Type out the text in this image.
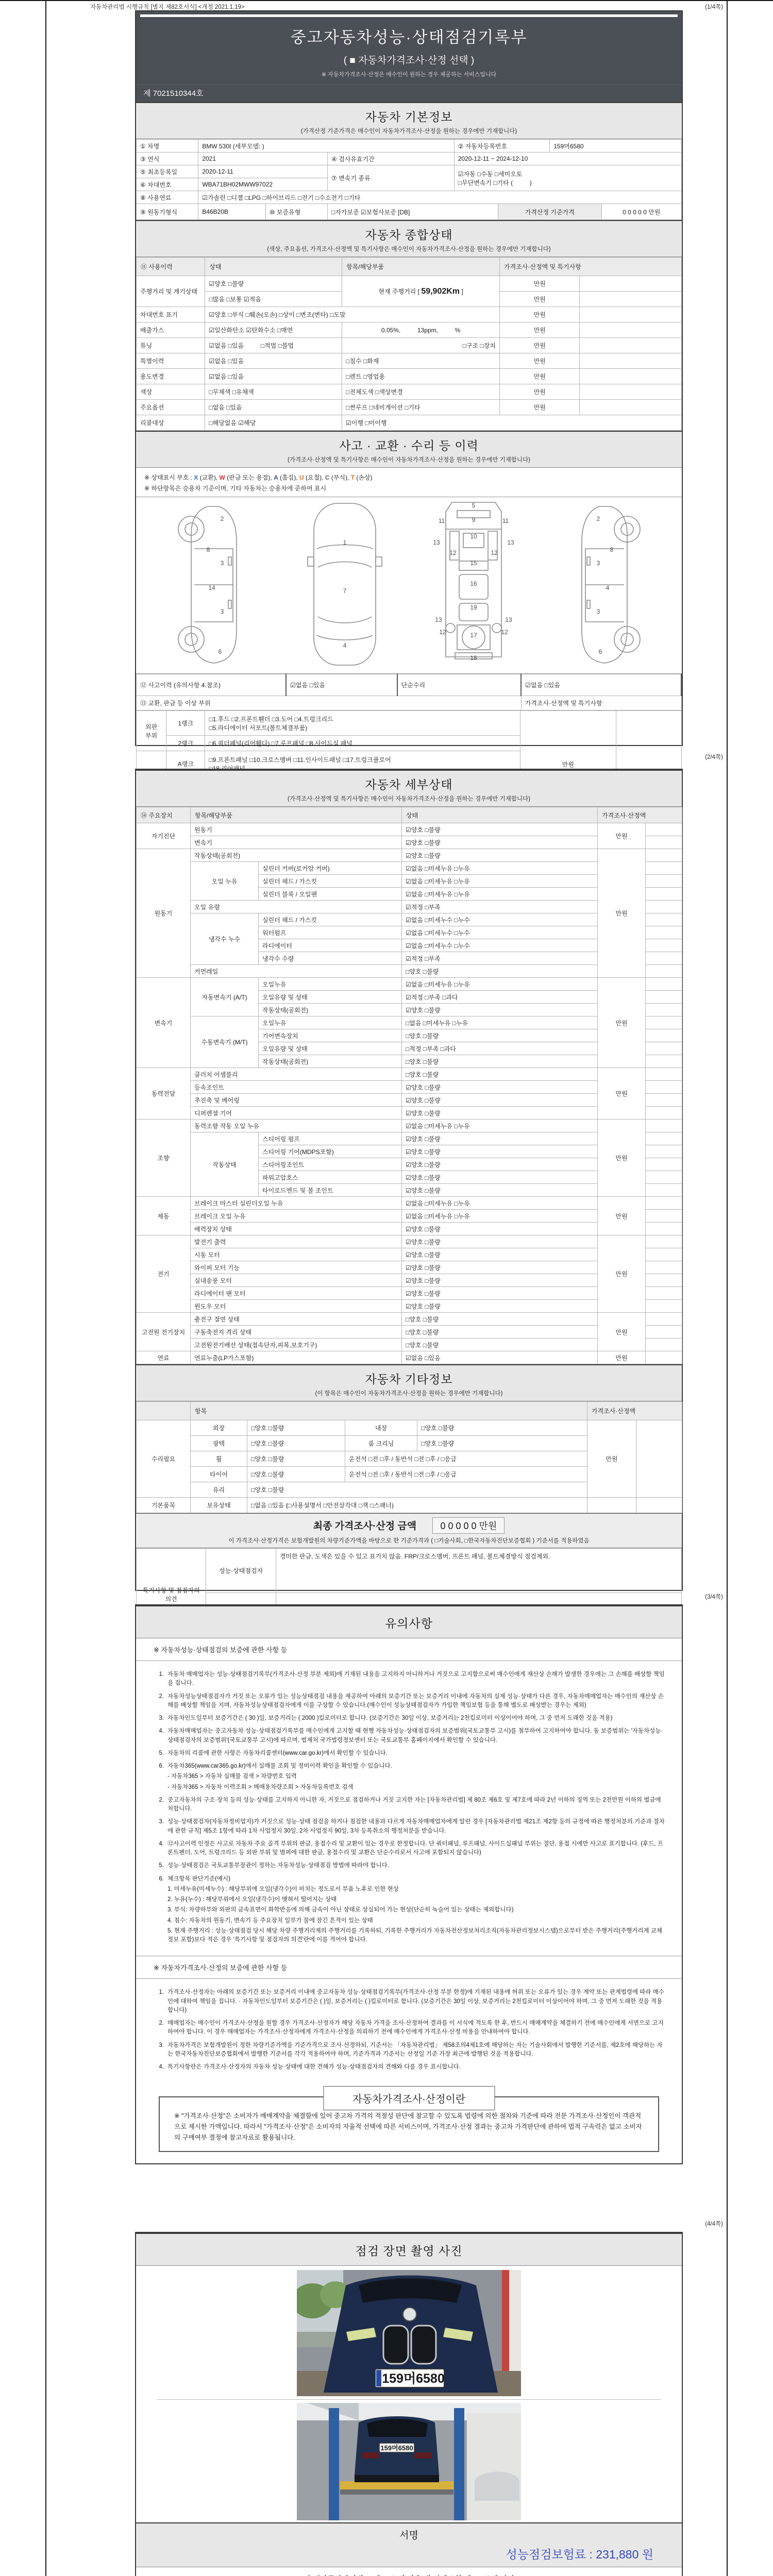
자동차관리법 시행규칙 [별지 제82호서식] <개정 2021.1.19>	(1/4쪽)
(2/4쪽)
(3/4쪽)
(4/4쪽)
중고자동차성능·상태점검기록부
( ■ 자동차가격조사·산정 선택 )
※ 자동차가격조사·산정은 매수인이 원하는 경우 제공하는 서비스입니다
제 7021510344호
자동차 기본정보
(가격산정 기준가격은 매수인이 자동차가격조사·산정을 원하는 경우에만 기재합니다)
① 차명	BMW 530I (세부모델: )			② 자동차등록번호		159머6580	
③ 연식	2021		④ 검사유효기간	2020-12-11 ~ 2024-12-10			
⑤ 최초등록일	2020-12-11		⑦ 변속기 종류	☑자동 □수동 □세미오토
□무단변속기 □기타 ( )			
⑥ 차대번호	WBA71BH02MWW97022						
⑧ 사용연료	☑가솔린 □디젤 □LPG □하이브리드 □전기 □수소전기 □기타						
⑨ 원동기형식	B46B20B	⑩ 보증유형	□자가보증 ☑보험사보증 [DB]		가격산정 기준가격		0 0 0 0 0 만원
자동차 종합상태
(색상, 주요옵션, 가격조사·산정액 및 특기사항은 매수인이 자동차가격조사·산정을 원하는 경우에만 기재합니다)
⑪ 사용이력	상태	항목/해당부품	가격조사·산정액 및 특기사항	
주행거리 및 계기상태	☑양호 □불량	현재 주행거리 [ 59,902Km ]	만원	
	□많음 □보통 ☑적음		만원	
차대번호 표기	☑양호 □부식 □훼손(오손) □상이 □변조(변타) □도말		만원	
배출가스	☑일산화탄소 ☑탄화수소 □매연	0.05%, 13ppm, %	만원	
튜닝	☑없음 □있음 □적법 □불법	□구조 □장치	만원	
특별이력	☑없음 □있음	□침수 □화재	만원	
용도변경	☑없음 □있음	□렌트 □영업용	만원	
색상	□무채색 □유채색	□전체도색 □색상변경	만원	
주요옵션	□없음 □있음	□썬루프 □네비게이션 □기타	만원	
리콜대상	□해당없음 ☑해당	☑이행 □미이행		
사고 · 교환 · 수리 등 이력
(가격조사·산정액 및 특기사항은 매수인이 자동차가격조사·산정을 원하는 경우에만 기재합니다)
※ 상태표시 부호 : X (교환), W (판금 또는 용접), A (흠집), U (요철), C (부식), T (손상)
※ 하단항목은 승용차 기준이며, 기타 자동차는 승용차에 준하여 표시
2
8
3
14
3
6
1
7
4
5
11	9	11
13	13
12	12
10
15
16
19
13	13
12	12
17
18
2
8
3
4
3
6
⑫ 사고이력 (유의사항 4.참조)	☑없음 □있음	단순수리	☑없음 □있음
⑬ 교환, 판금 등 이상 부위			가격조사·산정액 및 특기사항
외판 부위	1랭크	□1.후드 □2.프론트휀더 □3.도어 □4.트렁크리드
□5.라디에이터 서포트(볼트체결부품)	만원	
	2랭크	□6.쿼더패널(리어휀다) □7.루프패널 □8.사이드실 패널		
	A랭크	□9.프론트패널 □10.크로스멤버 □11.인사이드패널 □17.트렁크플로어		

자동차 세부상태
(가격조사·산정액 및 특기사항은 매수인이 자동차가격조사·산정을 원하는 경우에만 기재합니다)
⑭ 주요장치	항목/해당부품		상태	가격조사·산정액	
자기진단	원동기		☑양호 □불량	만원	
	변속기		☑양호 □불량		
원동기	작동상태(공회전)		☑양호 □불량	만원	
	오일 누유	실린더 커버(로커암 커버)	☑없음 □미세누유 □누유		
		실린더 헤드 / 가스킷	☑없음 □미세누유 □누유		
		실린더 블록 / 오일팬	☑없음 □미세누유 □누유		
	오일 유량		☑적정 □부족		
	냉각수 누수	실린더 헤드 / 가스킷	☑없음 □미세누수 □누수		
		워터펌프	☑없음 □미세누수 □누수		
		라디에이터	☑없음 □미세누수 □누수		
		냉각수 수량	☑적정 □부족		
	커먼레일		□양호 □불량		
변속기	자동변속기 (A/T)	오일누유	☑없음 □미세누유 □누유	만원	
		오일유량 및 상태	☑적정 □부족 □과다		
		작동상태(공회전)	☑양호 □불량		
	수동변속기 (M/T)	오일누유	□없음 □미세누유 □누유		
		기어변속장치	□양호 □불량		
		오일유량 및 상태	□적정 □부족 □과다		
		작동상태(공회전)	□양호 □불량		
동력전달	클러치 어셈블리		□양호 □불량	만원	
	등속조인트		☑양호 □불량		
	추진축 및 베어링		☑양호 □불량		
	디퍼렌셜 기어		☑양호 □불량		
조향	동력조향 작동 오일 누유		☑없음 □미세누유 □누유	만원	
	작동상태	스티어링 펌프	☑양호 □불량		
		스티어링 기어(MDPS포함)	☑양호 □불량		
		스티어링조인트	☑양호 □불량		
		파워고압호스	☑양호 □불량		
		타이로드엔드 및 볼 조인트	☑양호 □불량		
제동	브레이크 마스터 실린더오일 누유		☑없음 □미세누유 □누유	만원	
	브레이크 오일 누유		☑없음 □미세누유 □누유		
	배력장치 상태		☑양호 □불량		
전기	발전기 출력		☑양호 □불량	만원	
	시동 모터		☑양호 □불량		
	와이퍼 모터 기능		☑양호 □불량		
	실내송풍 모터		☑양호 □불량		
	라디에이터 팬 모터		☑양호 □불량		
	윈도우 모터		☑양호 □불량		
고전원 전기장치	충전구 절연 상태		□양호 □불량	만원	
	구동축전지 격리 상태		□양호 □불량		
	고전원전기배선 상태(접속단자,피복,보호기구)		□양호 □불량		
연료	연료누출(LP가스포함)		☑없음 □있음	만원	
자동차 기타정보
(이 항목은 매수인이 자동차가격조사·산정을 원하는 경우에만 기재합니다)
	항목				가격조사·산정액	
수리필요	외장	□양호 □불량	내장	□양호 □불량	만원	
	광택	□양호 □불량	룸 크리닝	□양호 □불량		
	휠	□양호 □불량	운전석 □전 □후 / 동반석 □전 □후 / □응급			
	타이어	□양호 □불량	운전석 □전 □후 / 동반석 □전 □후 / □응급			
	유리	□양호 □불량				
기본품목	보유상태	□없음 □있음 (□사용설명서 □안전삼각대 □잭 □스패너)				
최종 가격조사·산정 금액	0 0 0 0 0 만원
이 가격조사·산정가격은 보험개발원의 차량기준가액을 바탕으로 한 기준가격과 ( □기술사회, □한국자동차진단보증협회 ) 기준서를 적용하였음
특기사항 및 점검자의 의견	성능·상태점검자	경미한 판금, 도색은 있을 수 있고 표기치 않음. FRP/크로스멤버, 프론트 패널, 볼트체결방식 점검제외.

유의사항
※ 자동차성능·상태점검의 보증에 관한 사항 등
1. 자동차 매매업자는 성능·상태점검기록부(가격조사·산정 부분 제외)에 기재된 내용을 고지하지 아니하거나 거짓으로 고지함으로써 매수인에게 재산상 손해가 발생한 경우에는 그 손해를 배상할 책임을 집니다.
2. 자동차성능상태점검자가 거짓 또는 오류가 있는 성능상태점검 내용을 제공하여 아래의 보증기간 또는 보증거리 이내에 자동차의 실제 성능·상태가 다른 경우, 자동차매매업자는 매수인의 재산상 손해를 배상할 책임을 지며, 자동차성능상태점검자에게 이를 구상할 수 있습니다.(매수인이 성능상태점검자가 가입한 책임보험 등을 통해 별도로 배상받는 경우는 제외)
3. 자동차인도일부터 보증기간은 ( 30 )일, 보증거리는 ( 2000 )킬로미터로 합니다. (보증기간은 30일 이상, 보증거리는 2천킬로미터 이상이어야 하며, 그 중 먼저 도래한 것을 적용)
4. 자동차매매업자는 중고자동차 성능·상태점검기록부를 매수인에게 고지할 때 현행 자동차성능·상태점검자의 보증범위(국토교통부 고시)를 첨부하여 고지하여야 합니다. 동 보증범위는 '자동차성능·상태점검자의 보증범위'(국토교통부 고시)에 따르며, 법제처 국가법령정보센터 또는 국토교통부 홈페이지에서 확인할 수 있습니다.
5. 자동차의 리콜에 관한 사항은 자동차리콜센터(www.car.go.kr)에서 확인할 수 있습니다.
6. 자동차365(www.car365.go.kr)에서 실매물 조회 및 정비이력 확인을 확인할 수 있습니다.
- 자동차365 > 자동차 실매물 검색 > 차량번호 입력
- 자동차365 > 자동차 이력조회 > 매매용차량조회 > 자동차등록번호 검색
2. 중고자동차의 구조·장치 등의 성능·상태를 고지하지 아니한 자, 거짓으로 점검하거나 거짓 고지한 자는 [자동차관리법] 제 80조 제6호 및 제7호에 따라 2년 이하의 징역 또는 2천만원 이하의 벌금에 처합니다.
3. 성능·상태점검자(자동차정비업자)가 거짓으로 성능·상태 점검을 하거나 점검한 내용과 다르게 자동차매매업자에게 알린 경우 [자동차관리법 제21조 제2항 등의 규정에 따른 행정처분의 기준과 절차에 관한 규칙] 제5조 1항에 따라 1차 사업정지 30일, 2차 사업정지 90일, 3차 등록취소의 행정처분을 받습니다.
4. ⑫사고이력 인정은 사고로 자동차 주요 골격 부위의 판금, 용접수리 및 교환이 있는 경우로 한정합니다. 단 쿼터패널, 루프패널, 사이드실패널 부위는 절단, 용접 시에만 사고로 표기합니다. (후드, 프론트펜더, 도어, 트렁크리드 등 외판 부위 및 범퍼에 대한 판금, 용접수리 및 교환은 단순수리로서 사고에 포함되지 않습니다)
5. 성능·상태점검은 국토교통부장관이 정하는 자동차성능·상태점검 방법에 따라야 합니다.
6. 체크항목 판단기준(예시)
1. 미세누유(미세누수) : 해당부위에 오일(냉각수)이 비치는 정도로서 부품 노후로 인한 현상
2. 누유(누수) : 해당부위에서 오일(냉각수)이 맺혀서 떨어지는 상태
3. 부식: 차량하부와 외판의 금속표면이 화학반응에 의해 금속이 아닌 상태로 상실되어 가는 현상(단순히 녹슬어 있는 상태는 제외합니다)
4. 침수: 자동차의 원동기, 변속기 등 주요장치 일부가 물에 잠긴 흔적이 있는 상태
5. 현재 주행거리 : 성능·상태점검 당시 해당 차량 주행거리계의 주행거리를 기록하되, 기록한 주행거리가 자동차전산정보처리조직(자동차관리정보시스템)으로부터 받은 주행거리(주행거리계 교체 정보 포함)보다 적은 경우 '특기사항 및 점검자의 의견'란에 이를 적어야 합니다.
※ 자동차가격조사·산정의 보증에 관한 사항 등
1. 가격조사·산정자는 아래의 보증기간 또는 보증거리 이내에 중고자동차 성능·상태점검기록부(가격조사·산정 부분 한정)에 기재된 내용에 허위 또는 오류가 있는 경우 계약 또는 관계법령에 따라 매수인에 대하여 책임을 집니다. · 자동차인도일부터 보증기간은 ( )일, 보증거리는 ( )킬로미터로 합니다. (보증기간은 30일 이상, 보증거리는 2천킬로미터 이상이어야 하며, 그 중 먼저 도래한 것을 적용합니다)
2. 매매업자는 매수인이 가격조사·산정을 원할 경우 가격조사·산정자가 해당 자동차 가격을 조사·산정하여 결과를 이 서식에 적도록 한 후, 반드시 매매계약을 체결하기 전에 매수인에게 서면으로 고지하여야 합니다. 이 경우 매매업자는 가격조사·산정자에게 가격조사·산정을 의뢰하기 전에 매수인에게 가격조사·산정 비용을 안내하여야 합니다.
3. 자동차가격은 보험개발원이 정한 차량기준가액을 기준가격으로 조사·산정하되, 기준서는 「자동차관리법」 제58조의4제1호에 해당하는 자는 기술사회에서 발행한 기준서를, 제2호에 해당하는 자는 한국자동차진단보증협회에서 발행한 기준서를 각각 적용하여야 하며, 기준가격과 기준서는 산정일 기준 가장 최근에 발행된 것을 적용합니다.
4. 특기사항란은 가격조사·산정자의 자동차 성능·상태에 대한 견해가 성능·상태점검자의 견해와 다를 경우 표시합니다.
자동차가격조사·산정이란
※ "가격조사·산정"은 소비자가 매매계약을 체결함에 있어 중고차 가격의 적절성 판단에 참고할 수 있도록 법령에 의한 절차와 기준에 따라 전문 가격조사·산정인이 객관적으로 제시한 가액입니다. 따라서 "가격조사·산정"은 소비자의 자율적 선택에 따른 서비스이며, 가격조사·산정 결과는 중고차 가격판단에 관하여 법적 구속력은 없고 소비자의 구매여부 결정에 참고자료로 활용됩니다.
점검 장면 촬영 사진
159머6580
159머6580
서명
성능점검보험료 : 231,880 원
